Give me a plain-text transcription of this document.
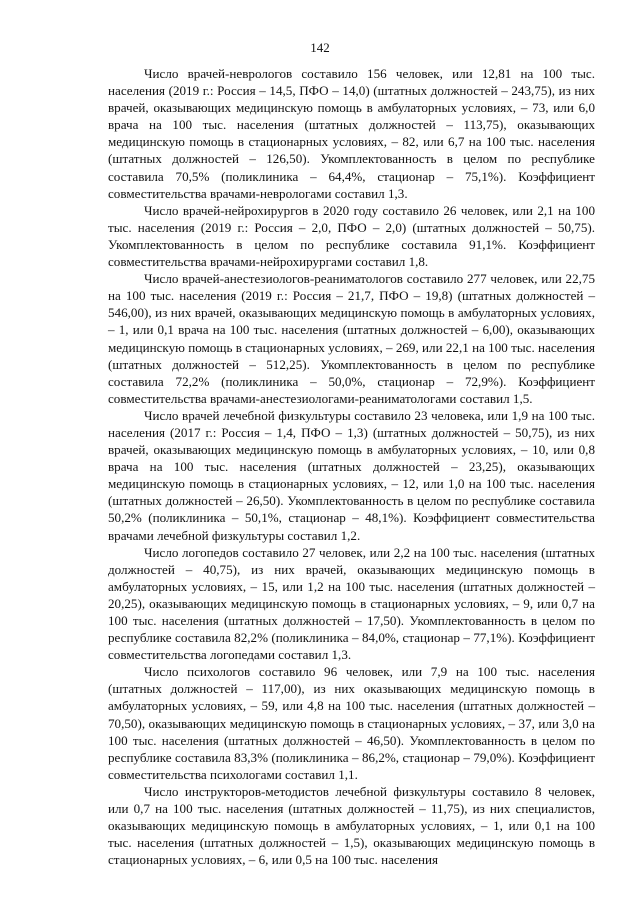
142

Число врачей-неврологов составило 156 человек, или 12,81 на 100 тыс. населения (2019 г.: Россия – 14,5, ПФО – 14,0) (штатных должностей – 243,75), из них врачей, оказывающих медицинскую помощь в амбулаторных условиях, – 73, или 6,0 врача на 100 тыс. населения (штатных должностей – 113,75), оказывающих медицинскую помощь в стационарных условиях, – 82, или 6,7 на 100 тыс. населения (штатных должностей – 126,50). Укомплектованность в целом по республике составила 70,5% (поликлиника – 64,4%, стационар – 75,1%). Коэффициент совместительства врачами-неврологами составил 1,3.

Число врачей-нейрохирургов в 2020 году составило 26 человек, или 2,1 на 100 тыс. населения (2019 г.: Россия – 2,0, ПФО – 2,0) (штатных должностей – 50,75). Укомплектованность в целом по республике составила 91,1%. Коэффициент совместительства врачами-нейрохирургами составил 1,8.

Число врачей-анестезиологов-реаниматологов составило 277 человек, или 22,75 на 100 тыс. населения (2019 г.: Россия – 21,7, ПФО – 19,8) (штатных должностей – 546,00), из них врачей, оказывающих медицинскую помощь в амбулаторных условиях, – 1, или 0,1 врача на 100 тыс. населения (штатных должностей – 6,00), оказывающих медицинскую помощь в стационарных условиях, – 269, или 22,1 на 100 тыс. населения (штатных должностей – 512,25). Укомплектованность в целом по республике составила 72,2% (поликлиника – 50,0%, стационар – 72,9%). Коэффициент совместительства врачами-анестезиологами-реаниматологами составил 1,5.

Число врачей лечебной физкультуры составило 23 человека, или 1,9 на 100 тыс. населения (2017 г.: Россия – 1,4, ПФО – 1,3) (штатных должностей – 50,75), из них врачей, оказывающих медицинскую помощь в амбулаторных условиях, – 10, или 0,8 врача на 100 тыс. населения (штатных должностей – 23,25), оказывающих медицинскую помощь в стационарных условиях, – 12, или 1,0 на 100 тыс. населения (штатных должностей – 26,50). Укомплектованность в целом по республике составила 50,2% (поликлиника – 50,1%, стационар – 48,1%). Коэффициент совместительства врачами лечебной физкультуры составил 1,2.

Число логопедов составило 27 человек, или 2,2 на 100 тыс. населения (штатных должностей – 40,75), из них врачей, оказывающих медицинскую помощь в амбулаторных условиях, – 15, или 1,2 на 100 тыс. населения (штатных должностей – 20,25), оказывающих медицинскую помощь в стационарных условиях, – 9, или 0,7 на 100 тыс. населения (штатных должностей – 17,50). Укомплектованность в целом по республике составила 82,2% (поликлиника – 84,0%, стационар – 77,1%). Коэффициент совместительства логопедами составил 1,3.

Число психологов составило 96 человек, или 7,9 на 100 тыс. населения (штатных должностей – 117,00), из них оказывающих медицинскую помощь в амбулаторных условиях, – 59, или 4,8 на 100 тыс. населения (штатных должностей – 70,50), оказывающих медицинскую помощь в стационарных условиях, – 37, или 3,0 на 100 тыс. населения (штатных должностей – 46,50). Укомплектованность в целом по республике составила 83,3% (поликлиника – 86,2%, стационар – 79,0%). Коэффициент совместительства психологами составил 1,1.

Число инструкторов-методистов лечебной физкультуры составило 8 человек, или 0,7 на 100 тыс. населения (штатных должностей – 11,75), из них специалистов, оказывающих медицинскую помощь в амбулаторных условиях, – 1, или 0,1 на 100 тыс. населения (штатных должностей – 1,5), оказывающих медицинскую помощь в стационарных условиях, – 6, или 0,5 на 100 тыс. населения
